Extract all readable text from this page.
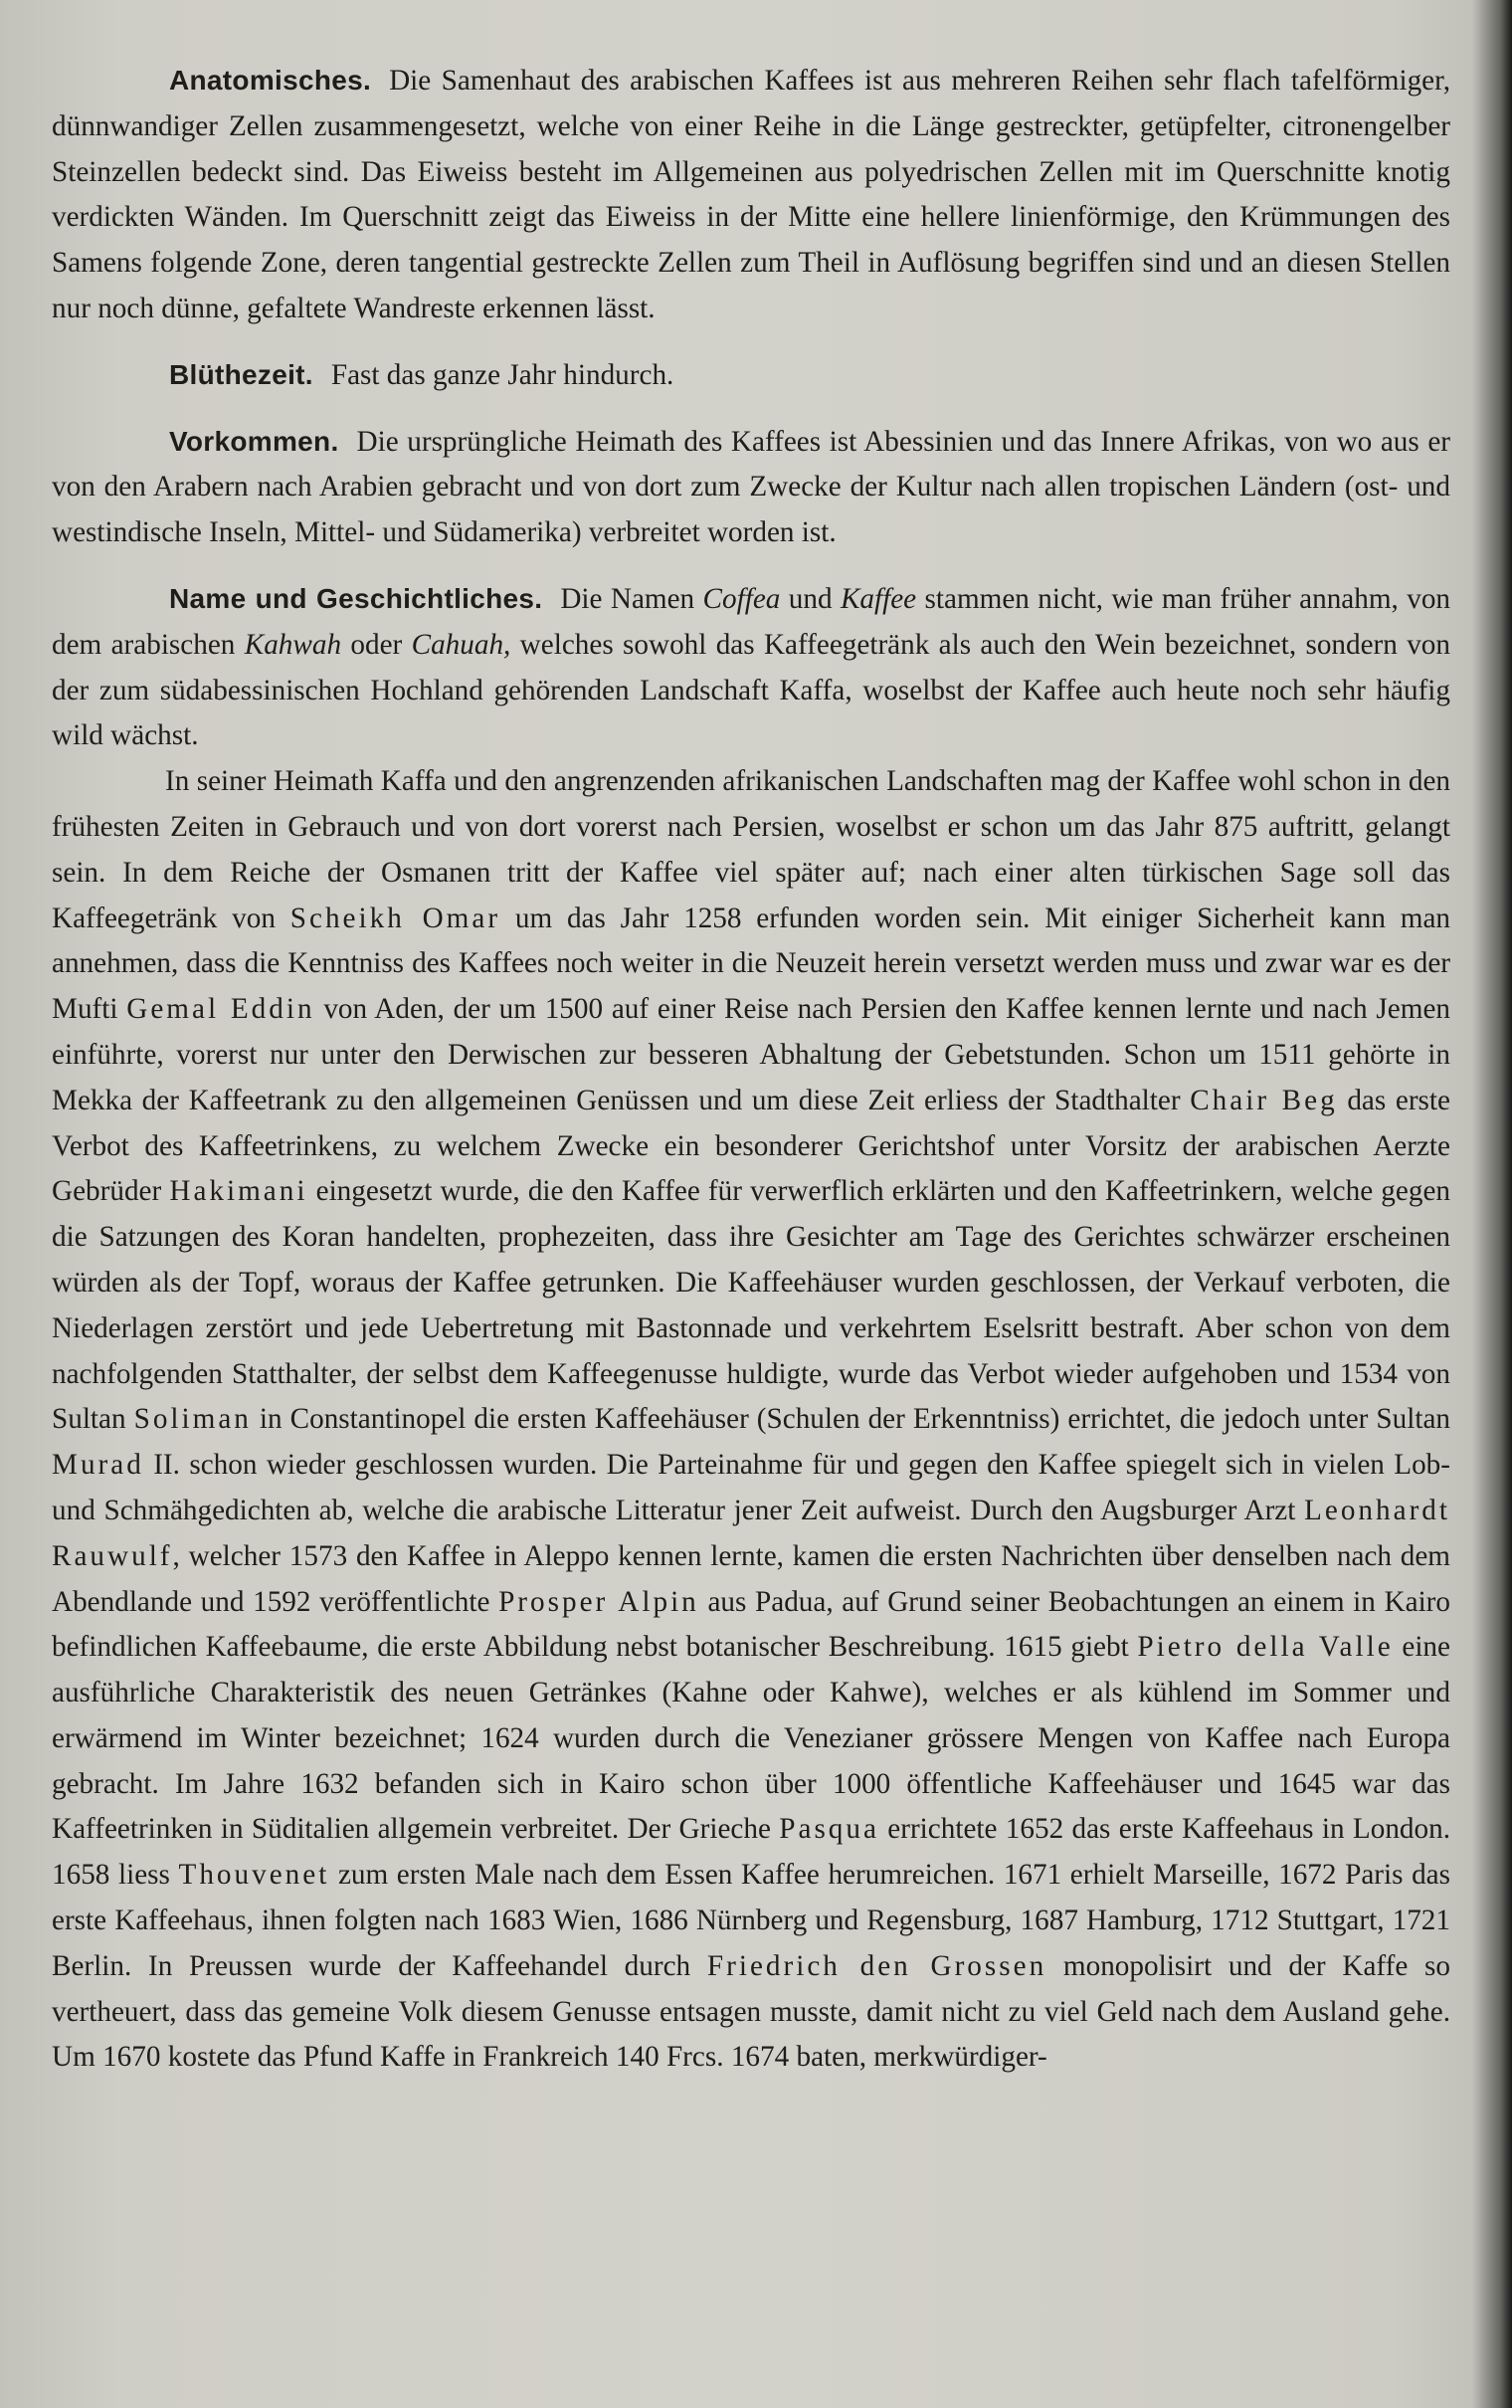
Anatomisches. Die Samenhaut des arabischen Kaffees ist aus mehreren Reihen sehr flach tafelförmiger, dünnwandiger Zellen zusammengesetzt, welche von einer Reihe in die Länge gestreckter, getüpfelter, citronengelber Steinzellen bedeckt sind. Das Eiweiss besteht im Allgemeinen aus polyedrischen Zellen mit im Querschnitte knotig verdickten Wänden. Im Querschnitt zeigt das Eiweiss in der Mitte eine hellere linienförmige, den Krümmungen des Samens folgende Zone, deren tangential gestreckte Zellen zum Theil in Auflösung begriffen sind und an diesen Stellen nur noch dünne, gefaltete Wandreste erkennen lässt.

Blüthezeit. Fast das ganze Jahr hindurch.

Vorkommen. Die ursprüngliche Heimath des Kaffees ist Abessinien und das Innere Afrikas, von wo aus er von den Arabern nach Arabien gebracht und von dort zum Zwecke der Kultur nach allen tropischen Ländern (ost- und westindische Inseln, Mittel- und Südamerika) verbreitet worden ist.

Name und Geschichtliches. Die Namen Coffea und Kaffee stammen nicht, wie man früher annahm, von dem arabischen Kahwah oder Cahuah, welches sowohl das Kaffeegetränk als auch den Wein bezeichnet, sondern von der zum südabessinischen Hochland gehörenden Landschaft Kaffa, woselbst der Kaffee auch heute noch sehr häufig wild wächst.

In seiner Heimath Kaffa und den angrenzenden afrikanischen Landschaften mag der Kaffee wohl schon in den frühesten Zeiten in Gebrauch und von dort vorerst nach Persien, woselbst er schon um das Jahr 875 auftritt, gelangt sein. In dem Reiche der Osmanen tritt der Kaffee viel später auf; nach einer alten türkischen Sage soll das Kaffeegetränk von Scheikh Omar um das Jahr 1258 erfunden worden sein. Mit einiger Sicherheit kann man annehmen, dass die Kenntniss des Kaffees noch weiter in die Neuzeit herein versetzt werden muss und zwar war es der Mufti Gemal Eddin von Aden, der um 1500 auf einer Reise nach Persien den Kaffee kennen lernte und nach Jemen einführte, vorerst nur unter den Derwischen zur besseren Abhaltung der Gebetstunden. Schon um 1511 gehörte in Mekka der Kaffeetrank zu den allgemeinen Genüssen und um diese Zeit erliess der Stadthalter Chair Beg das erste Verbot des Kaffeetrinkens, zu welchem Zwecke ein besonderer Gerichtshof unter Vorsitz der arabischen Aerzte Gebrüder Hakimani eingesetzt wurde, die den Kaffee für verwerflich erklärten und den Kaffeetrinkern, welche gegen die Satzungen des Koran handelten, prophezeiten, dass ihre Gesichter am Tage des Gerichtes schwärzer erscheinen würden als der Topf, woraus der Kaffee getrunken. Die Kaffeehäuser wurden geschlossen, der Verkauf verboten, die Niederlagen zerstört und jede Uebertretung mit Bastonnade und verkehrtem Eselsritt bestraft. Aber schon von dem nachfolgenden Statthalter, der selbst dem Kaffeegenusse huldigte, wurde das Verbot wieder aufgehoben und 1534 von Sultan Soliman in Constantinopel die ersten Kaffeehäuser (Schulen der Erkenntniss) errichtet, die jedoch unter Sultan Murad II. schon wieder geschlossen wurden. Die Parteinahme für und gegen den Kaffee spiegelt sich in vielen Lob- und Schmähgedichten ab, welche die arabische Litteratur jener Zeit aufweist. Durch den Augsburger Arzt Leonhardt Rauwulf, welcher 1573 den Kaffee in Aleppo kennen lernte, kamen die ersten Nachrichten über denselben nach dem Abendlande und 1592 veröffentlichte Prosper Alpin aus Padua, auf Grund seiner Beobachtungen an einem in Kairo befindlichen Kaffeebaume, die erste Abbildung nebst botanischer Beschreibung. 1615 giebt Pietro della Valle eine ausführliche Charakteristik des neuen Getränkes (Kahne oder Kahwe), welches er als kühlend im Sommer und erwärmend im Winter bezeichnet; 1624 wurden durch die Venezianer grössere Mengen von Kaffee nach Europa gebracht. Im Jahre 1632 befanden sich in Kairo schon über 1000 öffentliche Kaffeehäuser und 1645 war das Kaffeetrinken in Süditalien allgemein verbreitet. Der Grieche Pasqua errichtete 1652 das erste Kaffeehaus in London. 1658 liess Thouvenet zum ersten Male nach dem Essen Kaffee herumreichen. 1671 erhielt Marseille, 1672 Paris das erste Kaffeehaus, ihnen folgten nach 1683 Wien, 1686 Nürnberg und Regensburg, 1687 Hamburg, 1712 Stuttgart, 1721 Berlin. In Preussen wurde der Kaffeehandel durch Friedrich den Grossen monopolisirt und der Kaffe so vertheuert, dass das gemeine Volk diesem Genusse entsagen musste, damit nicht zu viel Geld nach dem Ausland gehe. Um 1670 kostete das Pfund Kaffe in Frankreich 140 Frcs. 1674 baten, merkwürdiger-
